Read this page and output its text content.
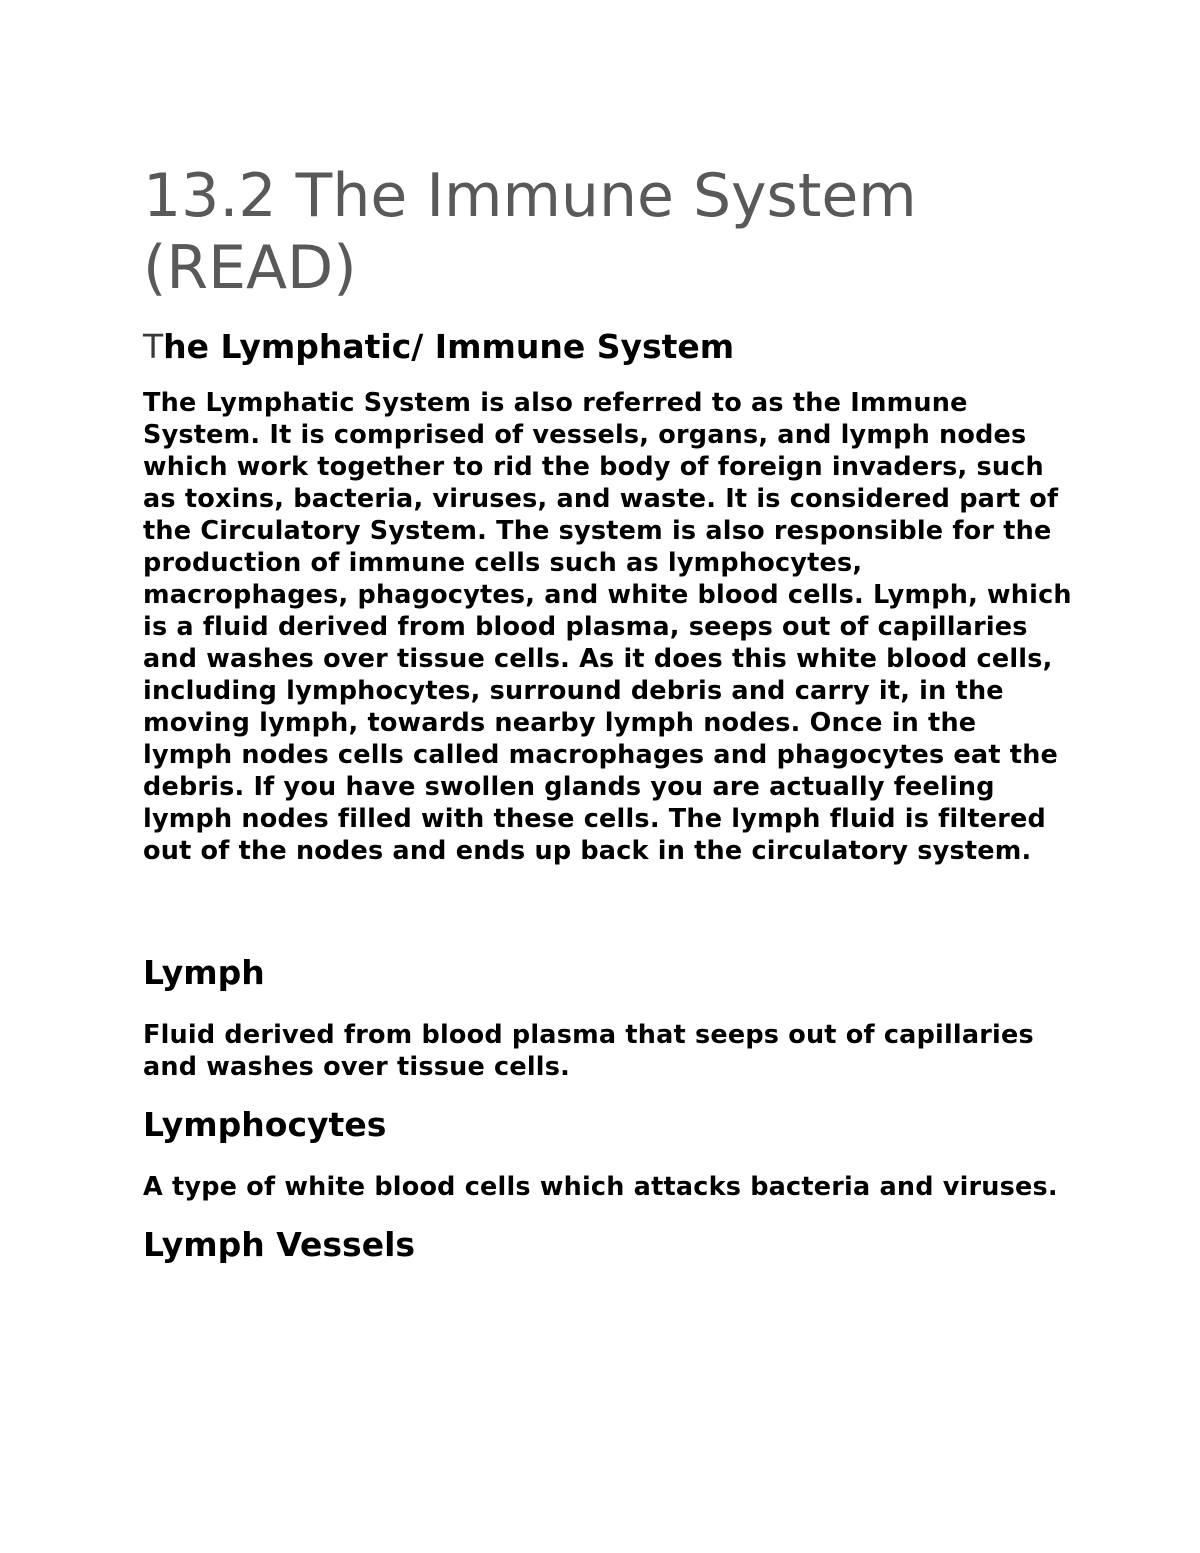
13.2 The Immune System (READ)
The Lymphatic/ Immune System

The Lymphatic System is also referred to as the Immune System. It is comprised of vessels, organs, and lymph nodes which work together to rid the body of foreign invaders, such as toxins, bacteria, viruses, and waste. It is considered part of the Circulatory System. The system is also responsible for the production of immune cells such as lymphocytes, macrophages, phagocytes, and white blood cells. Lymph, which is a fluid derived from blood plasma, seeps out of capillaries and washes over tissue cells. As it does this white blood cells, including lymphocytes, surround debris and carry it, in the moving lymph, towards nearby lymph nodes. Once in the lymph nodes cells called macrophages and phagocytes eat the debris. If you have swollen glands you are actually feeling lymph nodes filled with these cells. The lymph fluid is filtered out of the nodes and ends up back in the circulatory system.

Lymph

Fluid derived from blood plasma that seeps out of capillaries and washes over tissue cells.

Lymphocytes

A type of white blood cells which attacks bacteria and viruses.

Lymph Vessels
